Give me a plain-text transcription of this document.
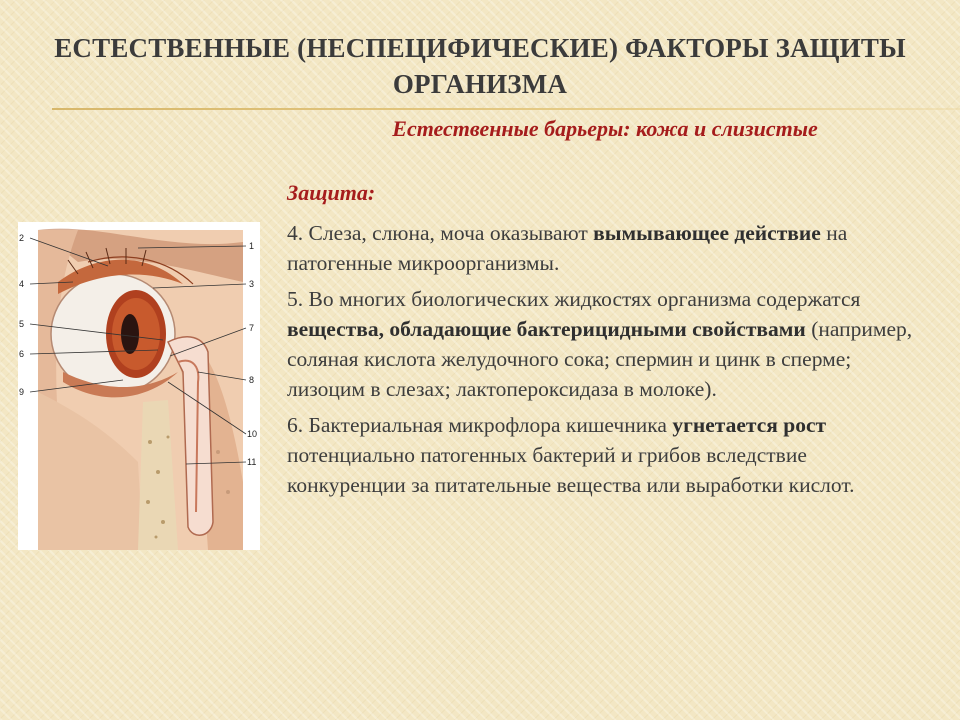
ЕСТЕСТВЕННЫЕ (НЕСПЕЦИФИЧЕСКИЕ) ФАКТОРЫ ЗАЩИТЫ ОРГАНИЗМА
Естественные барьеры: кожа и слизистые
Защита:

4. Слеза, слюна, моча оказывают вымывающее действие на патогенные микроорганизмы.

5. Во многих биологических жидкостях организма содержатся вещества, обладающие бактерицидными свойствами (например, соляная кислота желудочного сока; спермин и цинк в сперме; лизоцим в слезах; лактопероксидаза в молоке).

6. Бактериальная микрофлора кишечника угнетается рост потенциально патогенных бактерий и грибов вследствие конкуренции за питательные вещества или выработки кислот.

2
4
5
6
9
1
3
7
8
10
11
